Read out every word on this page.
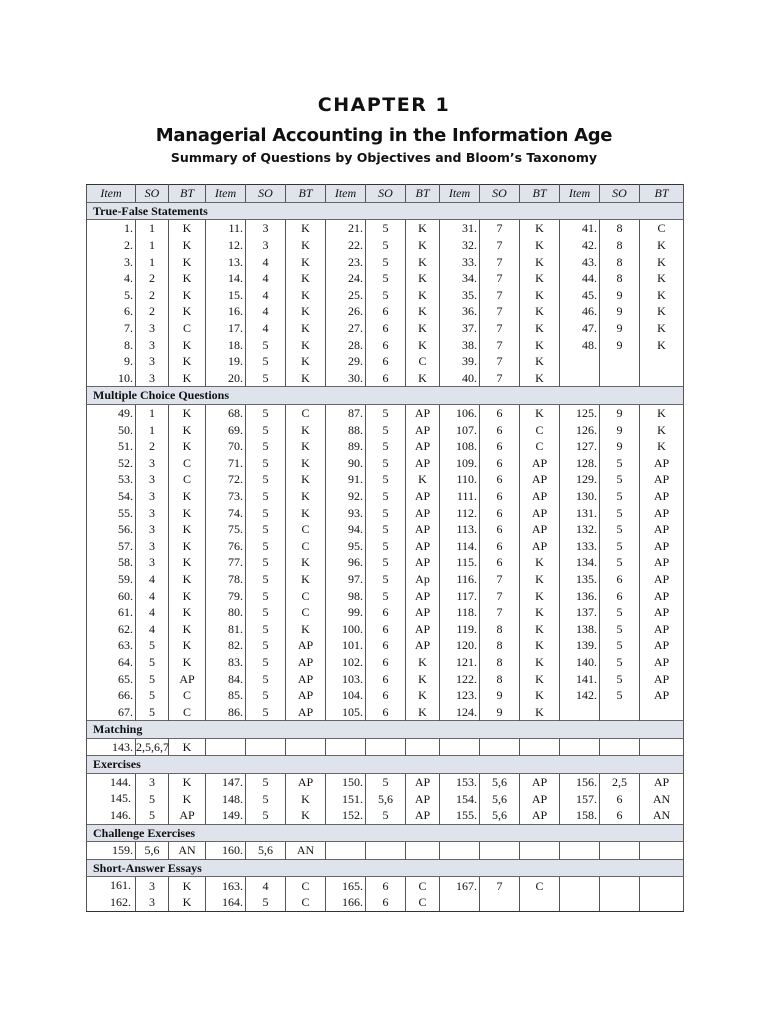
CHAPTER 1
Managerial Accounting in the Information Age
Summary of Questions by Objectives and Bloom’s Taxonomy
Item	SO	BT	Item	SO	BT	Item	SO	BT	Item	SO	BT	Item	SO	BT
True-False Statements														
1.	1	K	11.	3	K	21.	5	K	31.	7	K	41.	8	C
2.	1	K	12.	3	K	22.	5	K	32.	7	K	42.	8	K
3.	1	K	13.	4	K	23.	5	K	33.	7	K	43.	8	K
4.	2	K	14.	4	K	24.	5	K	34.	7	K	44.	8	K
5.	2	K	15.	4	K	25.	5	K	35.	7	K	45.	9	K
6.	2	K	16.	4	K	26.	6	K	36.	7	K	46.	9	K
7.	3	C	17.	4	K	27.	6	K	37.	7	K	47.	9	K
8.	3	K	18.	5	K	28.	6	K	38.	7	K	48.	9	K
9.	3	K	19.	5	K	29.	6	C	39.	7	K			
10.	3	K	20.	5	K	30.	6	K	40.	7	K			
Multiple Choice Questions														
49.	1	K	68.	5	C	87.	5	AP	106.	6	K	125.	9	K
50.	1	K	69.	5	K	88.	5	AP	107.	6	C	126.	9	K
51.	2	K	70.	5	K	89.	5	AP	108.	6	C	127.	9	K
52.	3	C	71.	5	K	90.	5	AP	109.	6	AP	128.	5	AP
53.	3	C	72.	5	K	91.	5	K	110.	6	AP	129.	5	AP
54.	3	K	73.	5	K	92.	5	AP	111.	6	AP	130.	5	AP
55.	3	K	74.	5	K	93.	5	AP	112.	6	AP	131.	5	AP
56.	3	K	75.	5	C	94.	5	AP	113.	6	AP	132.	5	AP
57.	3	K	76.	5	C	95.	5	AP	114.	6	AP	133.	5	AP
58.	3	K	77.	5	K	96.	5	AP	115.	6	K	134.	5	AP
59.	4	K	78.	5	K	97.	5	Ap	116.	7	K	135.	6	AP
60.	4	K	79.	5	C	98.	5	AP	117.	7	K	136.	6	AP
61.	4	K	80.	5	C	99.	6	AP	118.	7	K	137.	5	AP
62.	4	K	81.	5	K	100.	6	AP	119.	8	K	138.	5	AP
63.	5	K	82.	5	AP	101.	6	AP	120.	8	K	139.	5	AP
64.	5	K	83.	5	AP	102.	6	K	121.	8	K	140.	5	AP
65.	5	AP	84.	5	AP	103.	6	K	122.	8	K	141.	5	AP
66.	5	C	85.	5	AP	104.	6	K	123.	9	K	142.	5	AP
67.	5	C	86.	5	AP	105.	6	K	124.	9	K			
Matching														
143.	2,5,6,7	K												
Exercises														

144.	3	K	147.	5	AP	150.	5	AP	153.	5,6	AP	156.	2,5	AP

145.	5	K	148.	5	K	151.	5,6	AP	154.	5,6	AP	157.	6	AN

146.	5	AP	149.	5	K	152.	5	AP	155.	5,6	AP	158.	6	AN
Challenge Exercises														
159.	5,6	AN	160.	5,6	AN									
Short-Answer Essays														

161.	3	K	163.	4	C	165.	6	C	167.	7	C			

162.	3	K	164.	5	C	166.	6	C						
